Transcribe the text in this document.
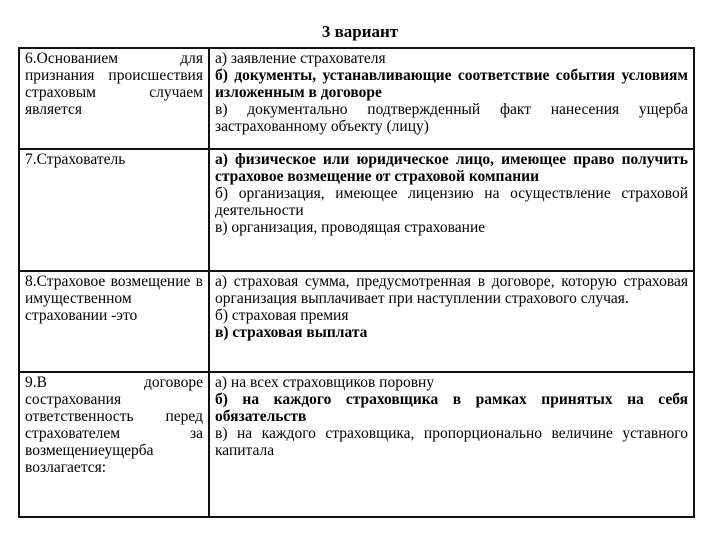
3 вариант
6.Основанием для признания происшествия страховым случаем является	а) заявление страхователя
б) документы, устанавливающие соответствие события условиям изложенным в договоре
в) документально подтвержденный факт нанесения ущерба застрахованному объекту (лицу)

7.Страхователь	а) физическое или юридическое лицо, имеющее право получить страховое возмещение от страховой компании
б) организация, имеющее лицензию на осуществление страховой деятельности
в) организация, проводящая страхование

8.Страховое возмещение в имущественном страховании -это	а) страховая сумма, предусмотренная в договоре, которую страховая организация выплачивает при наступлении страхового случая.
б) страховая премия
в) страховая выплата

9.В договоре сострахования ответственность перед страхователем за возмещениеущерба возлагается:	а) на всех страховщиков поровну
б) на каждого страховщика в рамках принятых на себя обязательств
в) на каждого страховщика, пропорционально величине уставного капитала
